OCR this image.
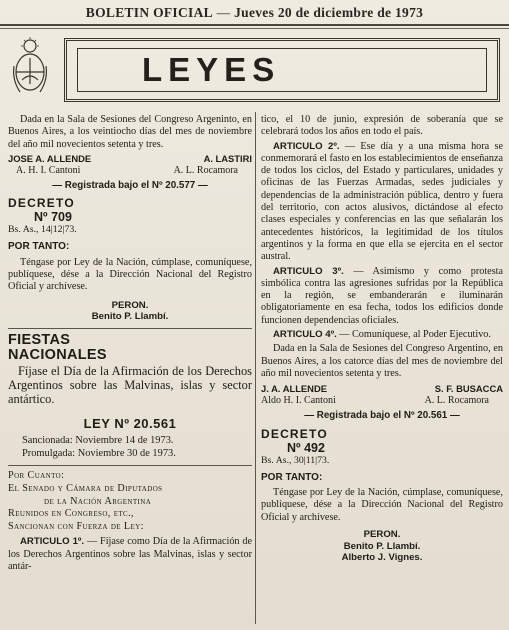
BOLETIN OFICIAL — Jueves 20 de diciembre de 1973
LEYES

Dada en la Sala de Sesiones del Congreso Argeninto, en Buenos Aires, a los veintiocho días del mes de noviembre del año mil novecientos setenta y tres.

JOSE A. ALLENDE	A. LASTIRI
A. H. I. Cantoni	A. L. Rocamora
— Registrada bajo el Nº 20.577 —
DECRETO
Nº 709
Bs. As., 14|12|73.
POR TANTO:

Téngase por Ley de la Nación, cúmplase, comuníquese, publíquese, dése a la Dirección Nacional del Registro Oficial y archívese.

PERON.
Benito P. Llambí.
FIESTAS
NACIONALES

Fíjase el Día de la Afirmación de los Derechos Argentinos sobre las Malvinas, islas y sector antártico.

LEY Nº 20.561
Sancionada: Noviembre 14 de 1973.
Promulgada: Noviembre 30 de 1973.
Por Cuanto:
El Senado y Cámara de Diputados
de la Nación Argentina
Reunidos en Congreso, etc.,
Sancionan con Fuerza de Ley:

ARTICULO 1º. — Fíjase como Día de la Afirmación de los Derechos Argentinos sobre las Malvinas, islas y sector antár-

tico, el 10 de junio, expresión de soberanía que se celebrará todos los años en todo el país.

ARTICULO 2º. — Ese día y a una misma hora se conmemorará el fasto en los establecimientos de enseñanza de todos los ciclos, del Estado y particulares, unidades y oficinas de las Fuerzas Armadas, sedes judiciales y dependencias de la administración pública, dentro y fuera del territorio, con actos alusivos, dictándose al efecto clases especiales y conferencias en las que señalarán los antecedentes históricos, la legitimidad de los títulos argentinos y la forma en que ella se ejercita en el sector austral.

ARTICULO 3º. — Asimismo y como protesta simbólica contra las agresiones sufridas por la República en la región, se embanderarán e iluminarán obligatoriamente en esa fecha, todos los edificios donde funcionen dependencias oficiales.

ARTICULO 4º. — Comuníquese, al Poder Ejecutivo.

Dada en la Sala de Sesiones del Congreso Argentino, en Buenos Aires, a los catorce días del mes de noviembre del año mil novecientos setenta y tres.

J. A. ALLENDE	S. F. BUSACCA
Aldo H. I. Cantoni	A. L. Rocamora
— Registrada bajo el Nº 20.561 —
DECRETO
Nº 492
Bs. As., 30|11|73.
POR TANTO:

Téngase por Ley de la Nación, cúmplase, comuníquese, publíquese, dése a la Dirección Nacional del Registro Oficial y archívese.

PERON.
Benito P. Llambí.
Alberto J. Vignes.
